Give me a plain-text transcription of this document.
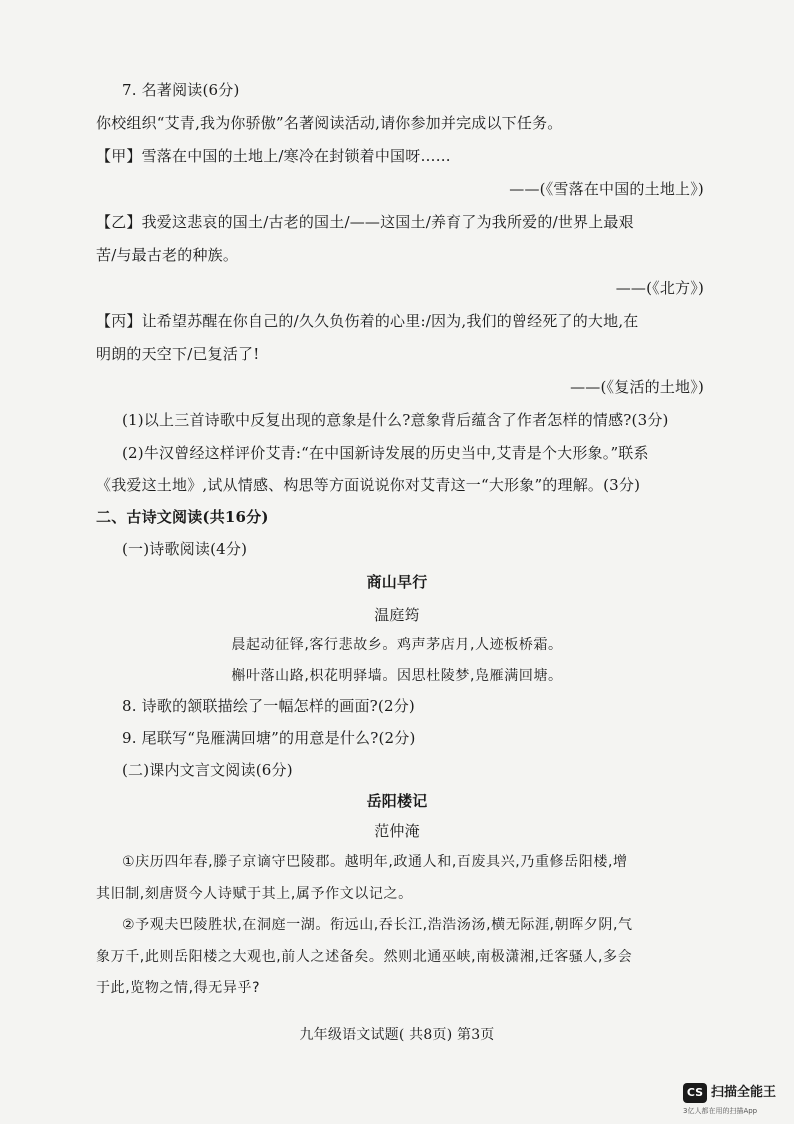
7. 名著阅读(6分)
你校组织“艾青,我为你骄傲”名著阅读活动,请你参加并完成以下任务。
【甲】雪落在中国的土地上/寒冷在封锁着中国呀……
——(《雪落在中国的土地上》)
【乙】我爱这悲哀的国土/古老的国土/——这国土/养育了为我所爱的/世界上最艰
苦/与最古老的种族。
——(《北方》)
【丙】让希望苏醒在你自己的/久久负伤着的心里:/因为,我们的曾经死了的大地,在
明朗的天空下/已复活了!
——(《复活的土地》)
(1)以上三首诗歌中反复出现的意象是什么?意象背后蕴含了作者怎样的情感?(3分)
(2)牛汉曾经这样评价艾青:“在中国新诗发展的历史当中,艾青是个大形象。”联系
《我爱这土地》,试从情感、构思等方面说说你对艾青这一“大形象”的理解。(3分)
二、古诗文阅读(共16分)
(一)诗歌阅读(4分)
商山早行
温庭筠
晨起动征铎,客行悲故乡。鸡声茅店月,人迹板桥霜。
槲叶落山路,枳花明驿墙。因思杜陵梦,凫雁满回塘。
8. 诗歌的颔联描绘了一幅怎样的画面?(2分)
9. 尾联写“凫雁满回塘”的用意是什么?(2分)
(二)课内文言文阅读(6分)
岳阳楼记
范仲淹
①庆历四年春,滕子京谪守巴陵郡。越明年,政通人和,百废具兴,乃重修岳阳楼,增
其旧制,刻唐贤今人诗赋于其上,属予作文以记之。
②予观夫巴陵胜状,在洞庭一湖。衔远山,吞长江,浩浩汤汤,横无际涯,朝晖夕阴,气
象万千,此则岳阳楼之大观也,前人之述备矣。然则北通巫峡,南极潇湘,迁客骚人,多会
于此,览物之情,得无异乎?
九年级语文试题( 共8页) 第3页
CS 扫描全能王
3亿人都在用的扫描App
